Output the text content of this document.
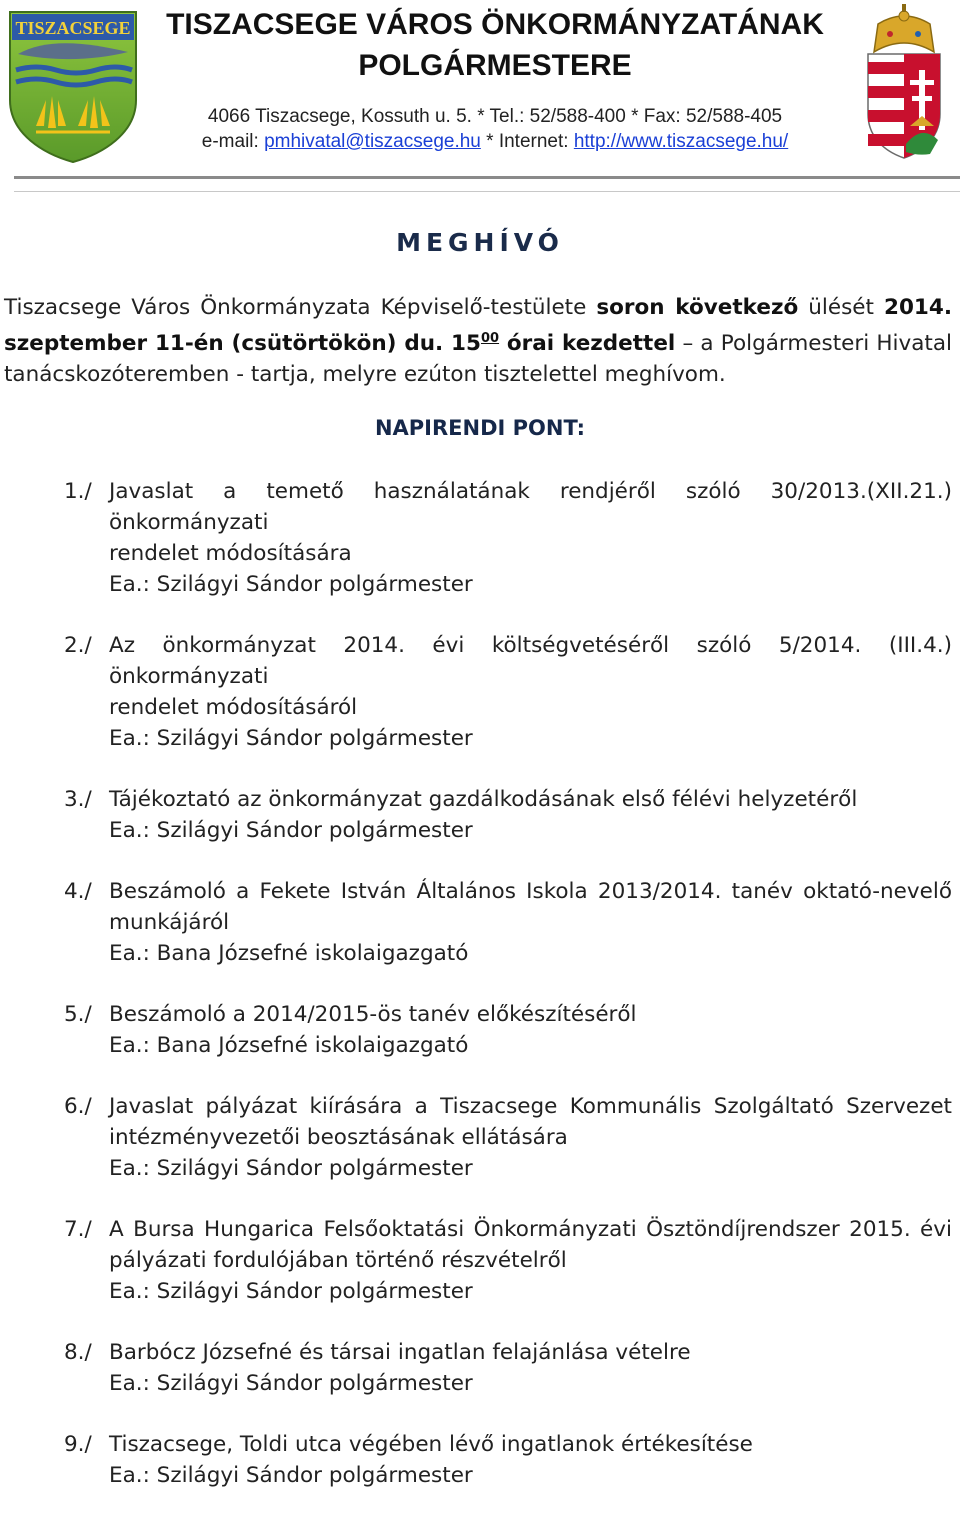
TISZACSEGE	TISZACSEGE VÁROS ÖNKORMÁNYZATÁNAK
POLGÁRMESTERE
4066 Tiszacsege, Kossuth u. 5. * Tel.: 52/588-400 * Fax: 52/588-405
e-mail: pmhivatal@tiszacsege.hu * Internet: http://www.tiszacsege.hu/
MEGHÍVÓ
Tiszacsege Város Önkormányzata Képviselő-testülete soron következő ülését 2014. szeptember 11-én (csütörtökön) du. $15^{00}$ órai kezdettel – a Polgármesteri Hivatal tanácskozóteremben - tartja, melyre ezúton tisztelettel meghívom.
NAPIRENDI PONT:
1./ Javaslat a temető használatának rendjéről szóló 30/2013.(XII.21.) önkormányzati
rendelet módosítására
Ea.: Szilágyi Sándor polgármester
2./ Az önkormányzat 2014. évi költségvetéséről szóló 5/2014. (III.4.) önkormányzati
rendelet módosításáról
Ea.: Szilágyi Sándor polgármester
3./ Tájékoztató az önkormányzat gazdálkodásának első félévi helyzetéről
Ea.: Szilágyi Sándor polgármester
4./ Beszámoló a Fekete István Általános Iskola 2013/2014. tanév oktató-nevelő
munkájáról
Ea.: Bana Józsefné iskolaigazgató
5./ Beszámoló a 2014/2015-ös tanév előkészítéséről
Ea.: Bana Józsefné iskolaigazgató
6./ Javaslat pályázat kiírására a Tiszacsege Kommunális Szolgáltató Szervezet
intézményvezetői beosztásának ellátására
Ea.: Szilágyi Sándor polgármester
7./ A Bursa Hungarica Felsőoktatási Önkormányzati Ösztöndíjrendszer 2015. évi
pályázati fordulójában történő részvételről
Ea.: Szilágyi Sándor polgármester
8./ Barbócz Józsefné és társai ingatlan felajánlása vételre
Ea.: Szilágyi Sándor polgármester
9./ Tiszacsege, Toldi utca végében lévő ingatlanok értékesítése
Ea.: Szilágyi Sándor polgármester
